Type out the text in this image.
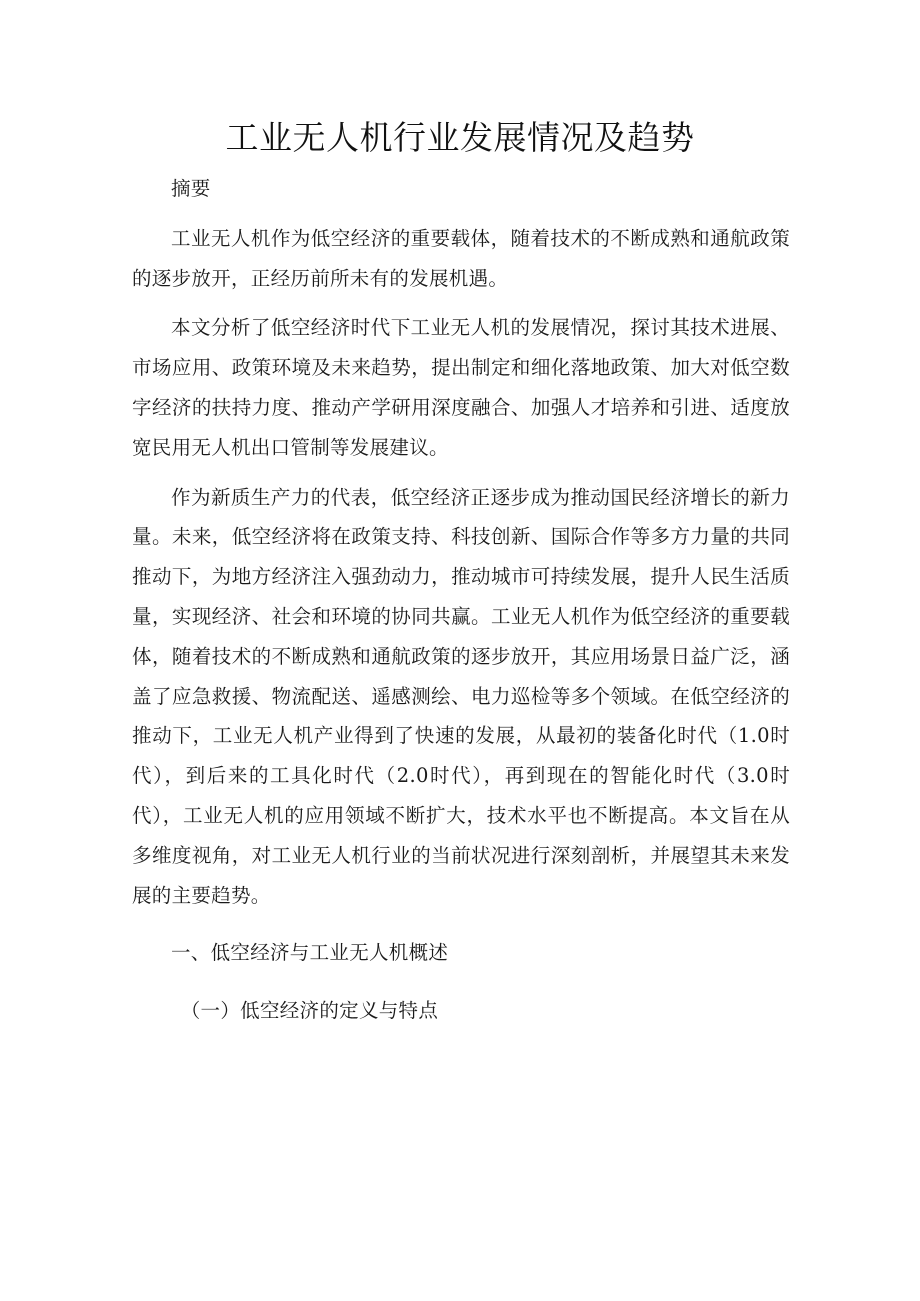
工业无人机行业发展情况及趋势

摘要

工业无人机作为低空经济的重要载体，随着技术的不断成熟和通航政策的逐步放开，正经历前所未有的发展机遇。

本文分析了低空经济时代下工业无人机的发展情况，探讨其技术进展、市场应用、政策环境及未来趋势，提出制定和细化落地政策、加大对低空数字经济的扶持力度、推动产学研用深度融合、加强人才培养和引进、适度放宽民用无人机出口管制等发展建议。

作为新质生产力的代表，低空经济正逐步成为推动国民经济增长的新力量。未来，低空经济将在政策支持、科技创新、国际合作等多方力量的共同推动下，为地方经济注入强劲动力，推动城市可持续发展，提升人民生活质量，实现经济、社会和环境的协同共赢。工业无人机作为低空经济的重要载体，随着技术的不断成熟和通航政策的逐步放开，其应用场景日益广泛，涵盖了应急救援、物流配送、遥感测绘、电力巡检等多个领域。在低空经济的推动下，工业无人机产业得到了快速的发展，从最初的装备化时代（1.0时代），到后来的工具化时代（2.0时代），再到现在的智能化时代（3.0时代），工业无人机的应用领域不断扩大，技术水平也不断提高。本文旨在从多维度视角，对工业无人机行业的当前状况进行深刻剖析，并展望其未来发展的主要趋势。

一、低空经济与工业无人机概述

（一）低空经济的定义与特点
